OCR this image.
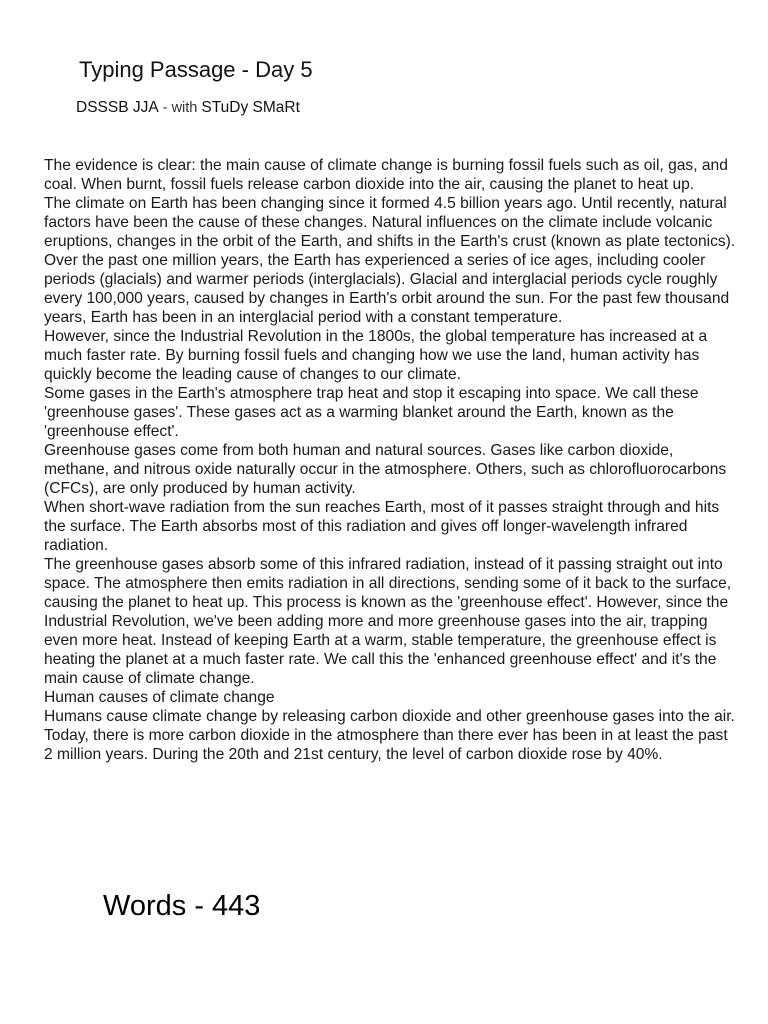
Typing Passage - Day 5
DSSSB JJA - with STuDy SMaRt

The evidence is clear: the main cause of climate change is burning fossil fuels such as oil, gas, and coal. When burnt, fossil fuels release carbon dioxide into the air, causing the planet to heat up.

The climate on Earth has been changing since it formed 4.5 billion years ago. Until recently, natural factors have been the cause of these changes. Natural influences on the climate include volcanic eruptions, changes in the orbit of the Earth, and shifts in the Earth's crust (known as plate tectonics).

Over the past one million years, the Earth has experienced a series of ice ages, including cooler periods (glacials) and warmer periods (interglacials). Glacial and interglacial periods cycle roughly every 100,000 years, caused by changes in Earth's orbit around the sun. For the past few thousand years, Earth has been in an interglacial period with a constant temperature.

However, since the Industrial Revolution in the 1800s, the global temperature has increased at a much faster rate. By burning fossil fuels and changing how we use the land, human activity has quickly become the leading cause of changes to our climate.

Some gases in the Earth's atmosphere trap heat and stop it escaping into space. We call these 'greenhouse gases'. These gases act as a warming blanket around the Earth, known as the 'greenhouse effect'.

Greenhouse gases come from both human and natural sources. Gases like carbon dioxide, methane, and nitrous oxide naturally occur in the atmosphere. Others, such as chlorofluorocarbons (CFCs), are only produced by human activity.

When short-wave radiation from the sun reaches Earth, most of it passes straight through and hits the surface. The Earth absorbs most of this radiation and gives off longer-wavelength infrared radiation.

The greenhouse gases absorb some of this infrared radiation, instead of it passing straight out into space. The atmosphere then emits radiation in all directions, sending some of it back to the surface, causing the planet to heat up. This process is known as the 'greenhouse effect'. However, since the Industrial Revolution, we've been adding more and more greenhouse gases into the air, trapping even more heat. Instead of keeping Earth at a warm, stable temperature, the greenhouse effect is heating the planet at a much faster rate. We call this the 'enhanced greenhouse effect' and it's the main cause of climate change.

Human causes of climate change

Humans cause climate change by releasing carbon dioxide and other greenhouse gases into the air. Today, there is more carbon dioxide in the atmosphere than there ever has been in at least the past 2 million years. During the 20th and 21st century, the level of carbon dioxide rose by 40%.

Words - 443
